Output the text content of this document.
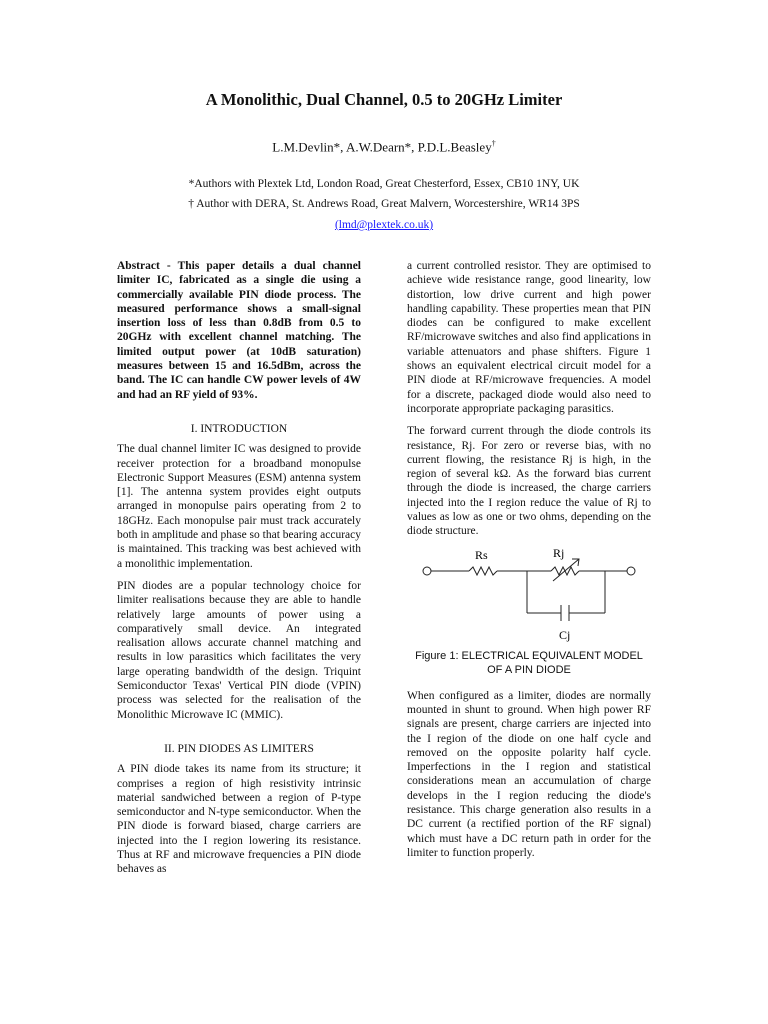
A Monolithic, Dual Channel, 0.5 to 20GHz Limiter
L.M.Devlin*, A.W.Dearn*, P.D.L.Beasley†
*Authors with Plextek Ltd, London Road, Great Chesterford, Essex, CB10 1NY, UK
† Author with DERA, St. Andrews Road, Great Malvern, Worcestershire, WR14 3PS
(lmd@plextek.co.uk)

Abstract - This paper details a dual channel limiter IC, fabricated as a single die using a commercially available PIN diode process. The measured performance shows a small-signal insertion loss of less than 0.8dB from 0.5 to 20GHz with excellent channel matching. The limited output power (at 10dB saturation) measures between 15 and 16.5dBm, across the band. The IC can handle CW power levels of 4W and had an RF yield of 93%.

I. INTRODUCTION

The dual channel limiter IC was designed to provide receiver protection for a broadband monopulse Electronic Support Measures (ESM) antenna system [1]. The antenna system provides eight outputs arranged in monopulse pairs operating from 2 to 18GHz. Each monopulse pair must track accurately both in amplitude and phase so that bearing accuracy is maintained. This tracking was best achieved with a monolithic implementation.

PIN diodes are a popular technology choice for limiter realisations because they are able to handle relatively large amounts of power using a comparatively small device. An integrated realisation allows accurate channel matching and results in low parasitics which facilitates the very large operating bandwidth of the design. Triquint Semiconductor Texas' Vertical PIN diode (VPIN) process was selected for the realisation of the Monolithic Microwave IC (MMIC).

II. PIN DIODES AS LIMITERS

A PIN diode takes its name from its structure; it comprises a region of high resistivity intrinsic material sandwiched between a region of P-type semiconductor and N-type semiconductor. When the PIN diode is forward biased, charge carriers are injected into the I region lowering its resistance. Thus at RF and microwave frequencies a PIN diode behaves as

a current controlled resistor. They are optimised to achieve wide resistance range, good linearity, low distortion, low drive current and high power handling capability. These properties mean that PIN diodes can be configured to make excellent RF/microwave switches and also find applications in variable attenuators and phase shifters. Figure 1 shows an equivalent electrical circuit model for a PIN diode at RF/microwave frequencies. A model for a discrete, packaged diode would also need to incorporate appropriate packaging parasitics.

The forward current through the diode controls its resistance, Rj. For zero or reverse bias, with no current flowing, the resistance Rj is high, in the region of several kΩ. As the forward bias current through the diode is increased, the charge carriers injected into the I region reduce the value of Rj to values as low as one or two ohms, depending on the diode structure.

Rs	Rj
Cj

Figure 1: ELECTRICAL EQUIVALENT MODEL
OF A PIN DIODE

When configured as a limiter, diodes are normally mounted in shunt to ground. When high power RF signals are present, charge carriers are injected into the I region of the diode on one half cycle and removed on the opposite polarity half cycle. Imperfections in the I region and statistical considerations mean an accumulation of charge develops in the I region reducing the diode's resistance. This charge generation also results in a DC current (a rectified portion of the RF signal) which must have a DC return path in order for the limiter to function properly.
